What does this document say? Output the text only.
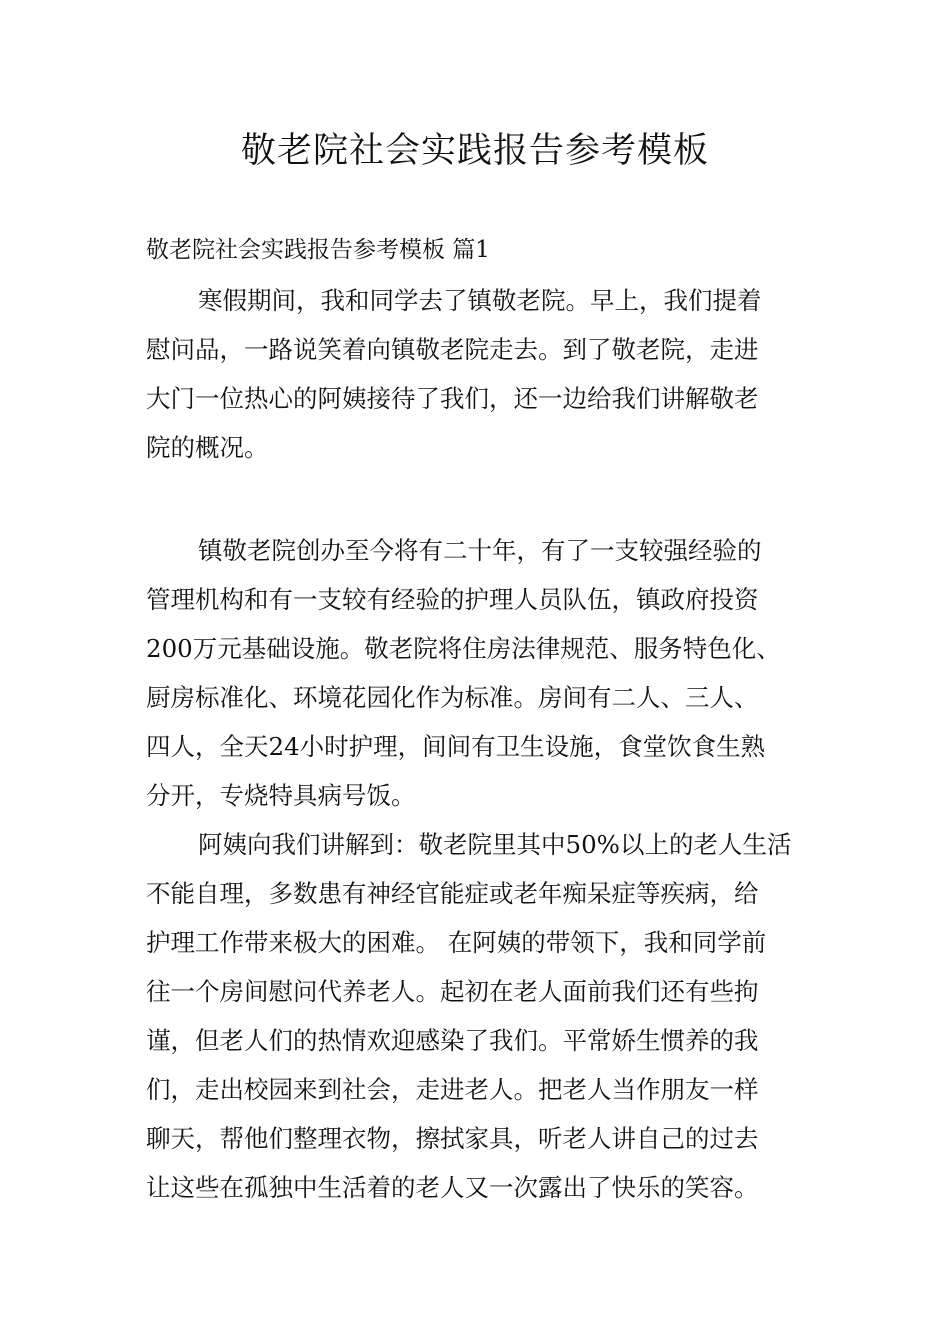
敬老院社会实践报告参考模板

敬老院社会实践报告参考模板 篇1

寒假期间，我和同学去了镇敬老院。早上，我们提着
慰问品，一路说笑着向镇敬老院走去。到了敬老院，走进
大门一位热心的阿姨接待了我们，还一边给我们讲解敬老
院的概况。

镇敬老院创办至今将有二十年，有了一支较强经验的
管理机构和有一支较有经验的护理人员队伍，镇政府投资
200万元基础设施。敬老院将住房法律规范、服务特色化、
厨房标准化、环境花园化作为标准。房间有二人、三人、
四人，全天24小时护理，间间有卫生设施，食堂饮食生熟
分开，专烧特具病号饭。

阿姨向我们讲解到：敬老院里其中50%以上的老人生活
不能自理，多数患有神经官能症或老年痴呆症等疾病，给
护理工作带来极大的困难。 在阿姨的带领下，我和同学前
往一个房间慰问代养老人。起初在老人面前我们还有些拘
谨，但老人们的热情欢迎感染了我们。平常娇生惯养的我
们，走出校园来到社会，走进老人。把老人当作朋友一样
聊天，帮他们整理衣物，擦拭家具，听老人讲自己的过去
让这些在孤独中生活着的老人又一次露出了快乐的笑容。
